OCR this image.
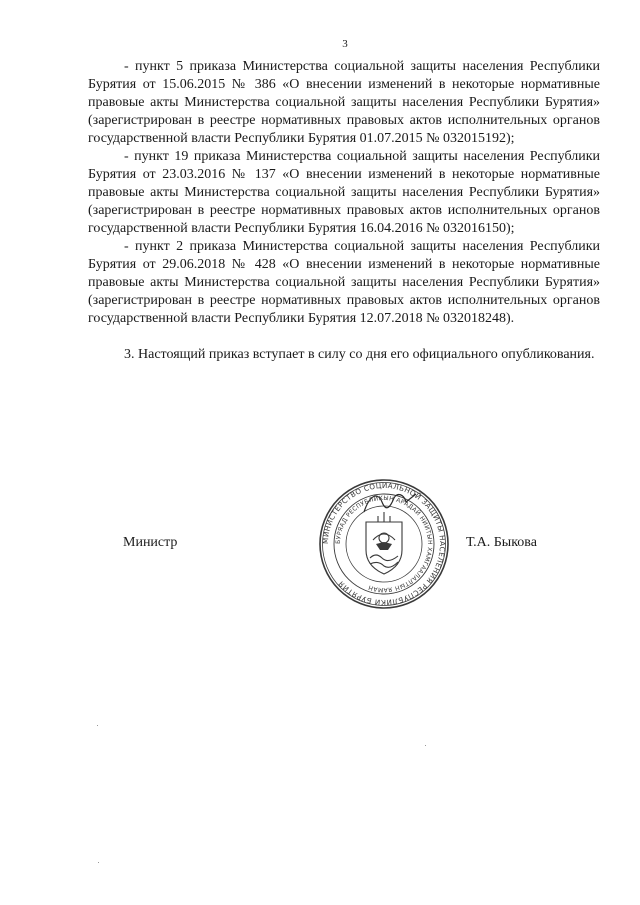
3

- пункт 5 приказа Министерства социальной защиты населения Республики Бурятия от 15.06.2015 № 386 «О внесении изменений в некоторые нормативные правовые акты Министерства социальной защиты населения Республики Бурятия» (зарегистрирован в реестре нормативных правовых актов исполнительных органов государственной власти Республики Бурятия 01.07.2015 № 032015192);

- пункт 19 приказа Министерства социальной защиты населения Республики Бурятия от 23.03.2016 № 137 «О внесении изменений в некоторые нормативные правовые акты Министерства социальной защиты населения Республики Бурятия» (зарегистрирован в реестре нормативных правовых актов исполнительных органов государственной власти Республики Бурятия 16.04.2016 № 032016150);

- пункт 2 приказа Министерства социальной защиты населения Республики Бурятия от 29.06.2018 № 428 «О внесении изменений в некоторые нормативные правовые акты Министерства социальной защиты населения Республики Бурятия» (зарегистрирован в реестре нормативных правовых актов исполнительных органов государственной власти Республики Бурятия 12.07.2018 № 032018248).

3. Настоящий приказ вступает в силу со дня его официального опубликования.

Министр	Т.А. Быкова
МИНИСТЕРСТВО СОЦИАЛЬНОЙ ЗАЩИТЫ НАСЕЛЕНИЯ РЕСПУБЛИКИ БУРЯТИЯ
БУРЯАД РЕСПУБЛИКЫН АРАДАЙ НИИТЫН ХАМГААЛАЛТЫН ЯАМАН
